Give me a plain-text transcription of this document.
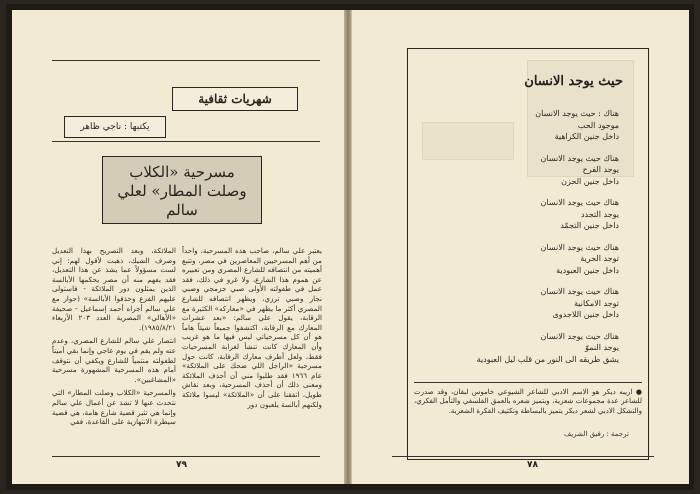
شهريات ثقافية
يكتبها : ناجي ظاهر
مسرحية «الكلاب وصلت المطار» لعلي سالم
يعتبر علي سالم، صاحب هذه المسرحية، واحداً من أهم المسرحيين المعاصرين في مصر، وتتبع أهميته من انتصافه للشارع المصري ومن تعبيره عن هموم هذا الشارع، ولا غرو في ذلك، فقد عمل في طفولته الأولى صبي جزمجي وصبي نجار وصبي ترزي، ويظهر انتصافه للشارع المصري أكثر ما يظهر في «معاركه» الكثيرة مع الرقابة، يقول علي سالم: «بعد عشرات المعارك مع الرقابة، اكتشفوا جميعاً شيئاً هاماً هو أن كل مسرحياتي ليس فيها ما هو غريب وأن المعارك كانت تنشأ لغرابة المسرحيات فقط، ولعل أطرف معارك الرقابة، كانت حول مسرحية «الراجل اللي ضحك على الملائكة» عام ١٩٦٦ فقد طلبوا مني أن أحذف الملائكة ومعنى ذلك أن أحذف المسرحية، وبعد نقاش طويل، اتفقنا على أن «الملائكة» ليسوا ملائكة ولكنهم أبالسة يلعبون دور
الملائكة، وبعد التصريح بهذا التعديل وصرف الشيك، ذهبت لأقول لهم: إني لست مسؤولاً عما يشذ عن هذا التعديل، فقد يفهم منه أن مصر يحكمها الأبالسة الذين يمثلون دور الملائكة - فاستولى عليهم الفزع وحذفوا الأبالسة» (حوار مع علي سالم أجراه أحمد إسماعيل - صحيفة «الأهالي» المصرية العدد ٢٠٣ الأربعاء ١٩٨٥/٨/٢١).
انتصار علي سالم للشارع المصري، وعدم عنه ولم يقم في يوم عاجي وإنما بقي أميناً لطفولته منتمياً للشارع ويكفي أن نتوقف أمام هذه المسرحية المشهورة مسرحية «المشاغبين».
والمسرحية «الكلاب وصلت المطار» التي نتحدث عنها لا تشذ عن أعمال علي سالم وإنما هي تثير قضية شارع هامة، هي قضية سيطرة الانتهازية على القاعدة، ففي
٧٩
حيث يوجد الانسان
هناك : حيث يوجد الانسان
موجود الحب
داخل جنين الكراهية
هناك حيث يوجد الانسان
يوجد الفرح
داخل جنين الحزن
هناك حيث يوجد الانسان
يوجد التجدد
داخل جنين التجمّد
هناك حيث يوجد الانسان
توجد الحرية
داخل جنين العبودية
هناك حيث يوجد الانسان
توجد الامكانية
داخل جنين اللاجدوى
هناك حيث يوجد الانسان
يوجد النموّ
يشق طريقه الى النور من قلب ليل العبودية
● اريبه ديكر هو الاسم الادبي للشاعر الشيوعي خاموس لبقان، وقد صدرت للشاعر عدة مجموعات شعرية، ويتميز شعره بالعمق الفلسفي والتأمل الفكري، والتشكل الادبي لشعر ديكر يتميز بالبساطة وتكثيف الفكرة الشعرية.
ترجمة : رفيق الشريف
٧٨
